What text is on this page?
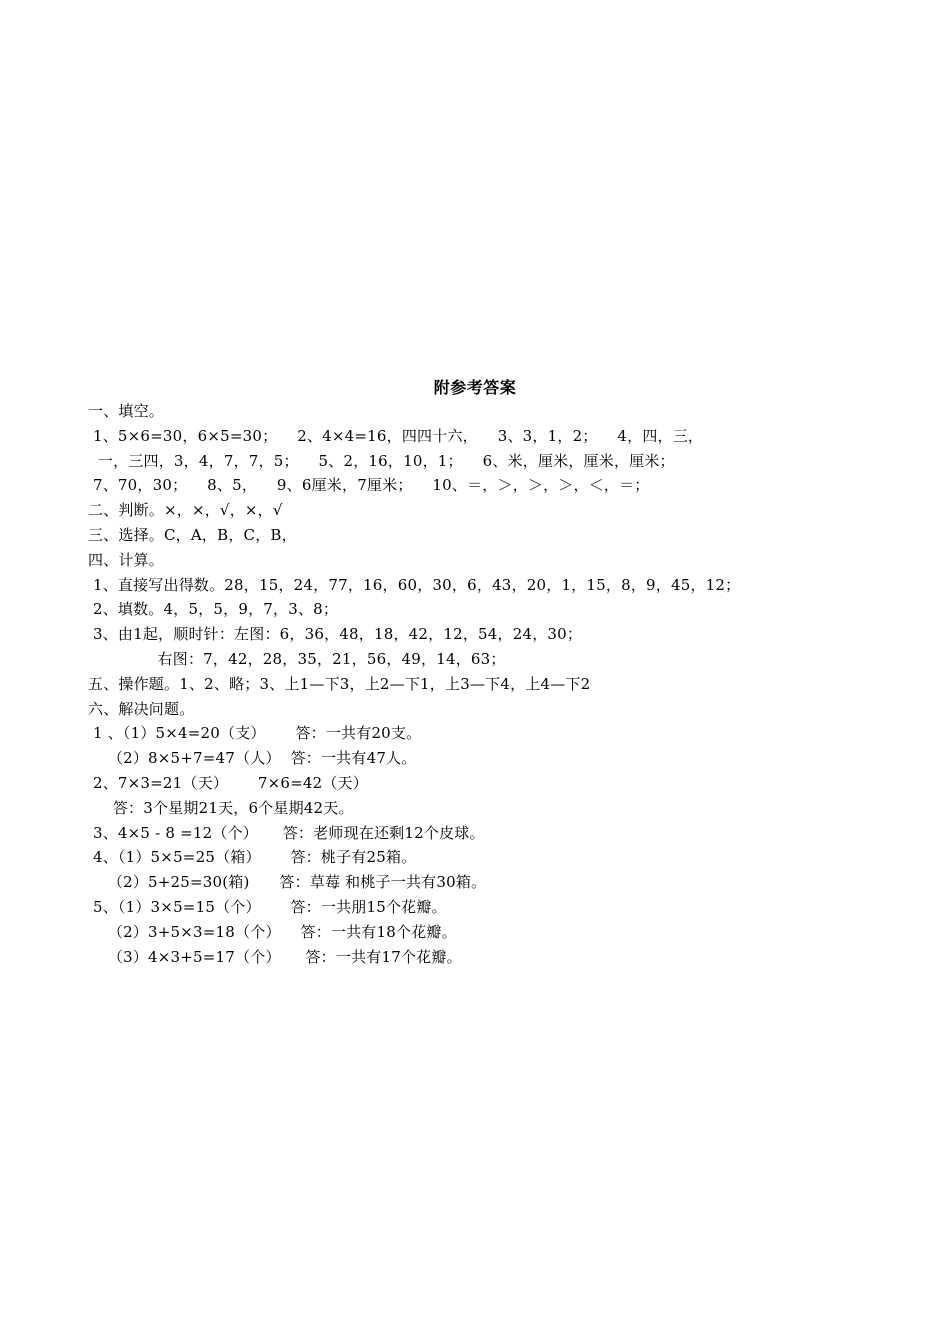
附参考答案
一、填空。
1、5×6=30，6×5=30；    2、4×4=16，四四十六，    3、3，1，2；    4，四，三，
一，三四，3，4，7，7，5；    5、2，16，10，1；    6、米，厘米，厘米，厘米；
7、70，30；    8、5，    9、6厘米，7厘米；    10、＝，＞，＞，＞，＜，＝；
二、判断。×，×，√，×，√
三、选择。C，A，B，C，B，
四、计算。
1、直接写出得数。28，15，24，77，16，60，30，6，43，20，1，15，8，9，45，12；
2、填数。4，5，5，9，7，3、8；
3、由1起，顺时针：左图：6，36，48，18，42，12，54，24，30；
右图：7，42，28，35，21，56，49，14，63；
五、操作题。1、2、略；3、上1—下3，上2—下1，上3—下4，上4—下2
六、解决问题。
1 、（1）5×4=20（支）      答：一共有20支。
（2）8×5+7=47（人）  答：一共有47人。
2、7×3=21（天）      7×6=42（天）
答：3个星期21天，6个星期42天。
3、4×5 - 8 =12（个）     答：老师现在还剩12个皮球。
4、（1）5×5=25（箱）      答：桃子有25箱。
（2）5+25=30(箱)      答：草莓 和桃子一共有30箱。
5、（1）3×5=15（个）      答：一共朋15个花瓣。
（2）3+5×3=18（个）    答：一共有18个花瓣。
（3）4×3+5=17（个）     答：一共有17个花瓣。
